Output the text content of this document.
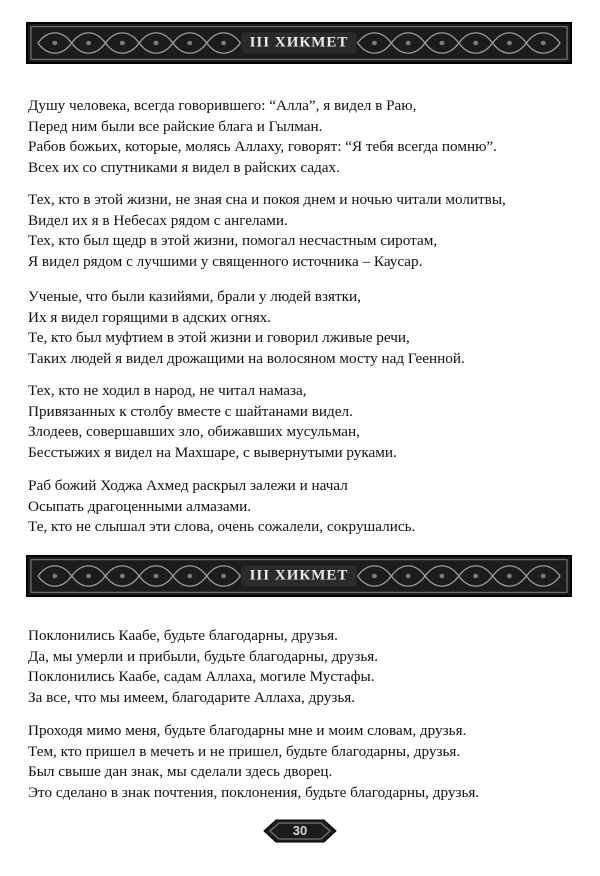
III ХИКМЕТ
Душу человека, всегда говорившего: “Алла”, я видел в Раю,
Перед ним были все райские блага и Гылман.
Рабов божьих, которые, молясь Аллаху, говорят: “Я тебя всегда помню”.
Всех их со спутниками я видел в райских садах.
Тех, кто в этой жизни, не зная сна и покоя днем и ночью читали молитвы,
Видел их я в Небесах рядом с ангелами.
Тех, кто был щедр в этой жизни, помогал несчастным сиротам,
Я видел рядом с лучшими у священного источника – Каусар.
Ученые, что были казийями, брали у людей взятки,
Их я видел горящими в адских огнях.
Те, кто был муфтием в этой жизни и говорил лживые речи,
Таких людей я видел дрожащими на волосяном мосту над Геенной.
Тех, кто не ходил в народ, не читал намаза,
Привязанных к столбу вместе с шайтанами видел.
Злодеев, совершавших зло, обижавших мусульман,
Бесстыжих я видел на Махшаре, с вывернутыми руками.
Раб божий Ходжа Ахмед раскрыл залежи и начал
Осыпать драгоценными алмазами.
Те, кто не слышал эти слова, очень сожалели, сокрушались.
III ХИКМЕТ
Поклонились Каабе, будьте благодарны, друзья.
Да, мы умерли и прибыли, будьте благодарны, друзья.
Поклонились Каабе, садам Аллаха, могиле Мустафы.
За все, что мы имеем, благодарите Аллаха, друзья.
Проходя мимо меня, будьте благодарны мне и моим словам, друзья.
Тем, кто пришел в мечеть и не пришел, будьте благодарны, друзья.
Был свыше дан знак, мы сделали здесь дворец.
Это сделано в знак почтения, поклонения, будьте благодарны, друзья.
30
